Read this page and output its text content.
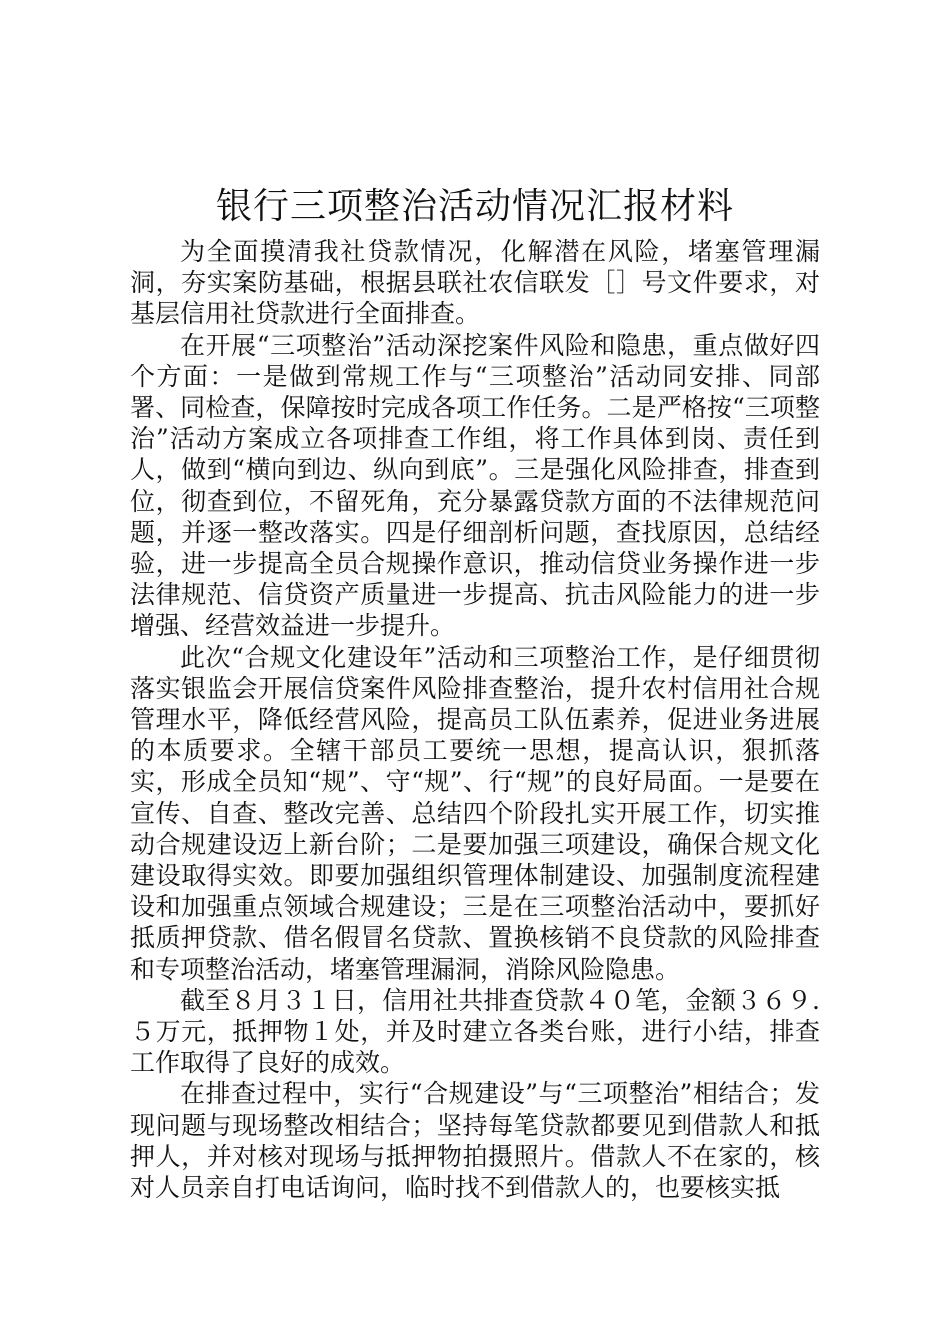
银行三项整治活动情况汇报材料

为全面摸清我社贷款情况，化解潜在风险，堵塞管理漏洞，夯实案防基础，根据县联社农信联发［］号文件要求，对基层信用社贷款进行全面排查。

在开展“三项整治”活动深挖案件风险和隐患，重点做好四个方面：一是做到常规工作与“三项整治”活动同安排、同部署、同检查，保障按时完成各项工作任务。二是严格按“三项整治”活动方案成立各项排查工作组，将工作具体到岗、责任到人，做到“横向到边、纵向到底”。三是强化风险排查，排查到位，彻查到位，不留死角，充分暴露贷款方面的不法律规范问题，并逐一整改落实。四是仔细剖析问题，查找原因，总结经验，进一步提高全员合规操作意识，推动信贷业务操作进一步法律规范、信贷资产质量进一步提高、抗击风险能力的进一步增强、经营效益进一步提升。

此次“合规文化建设年”活动和三项整治工作，是仔细贯彻落实银监会开展信贷案件风险排查整治，提升农村信用社合规管理水平，降低经营风险，提高员工队伍素养，促进业务进展的本质要求。全辖干部员工要统一思想，提高认识，狠抓落实，形成全员知“规”、守“规”、行“规”的良好局面。一是要在宣传、自查、整改完善、总结四个阶段扎实开展工作，切实推动合规建设迈上新台阶；二是要加强三项建设，确保合规文化建设取得实效。即要加强组织管理体制建设、加强制度流程建设和加强重点领域合规建设；三是在三项整治活动中，要抓好抵质押贷款、借名假冒名贷款、置换核销不良贷款的风险排查和专项整治活动，堵塞管理漏洞，消除风险隐患。

截至８月３１日，信用社共排查贷款４０笔，金额３６９.５万元，抵押物１处，并及时建立各类台账，进行小结，排查工作取得了良好的成效。

在排查过程中，实行“合规建设”与“三项整治”相结合；发现问题与现场整改相结合；坚持每笔贷款都要见到借款人和抵押人，并对核对现场与抵押物拍摄照片。借款人不在家的，核对人员亲自打电话询问，临时找不到借款人的，也要核实抵
